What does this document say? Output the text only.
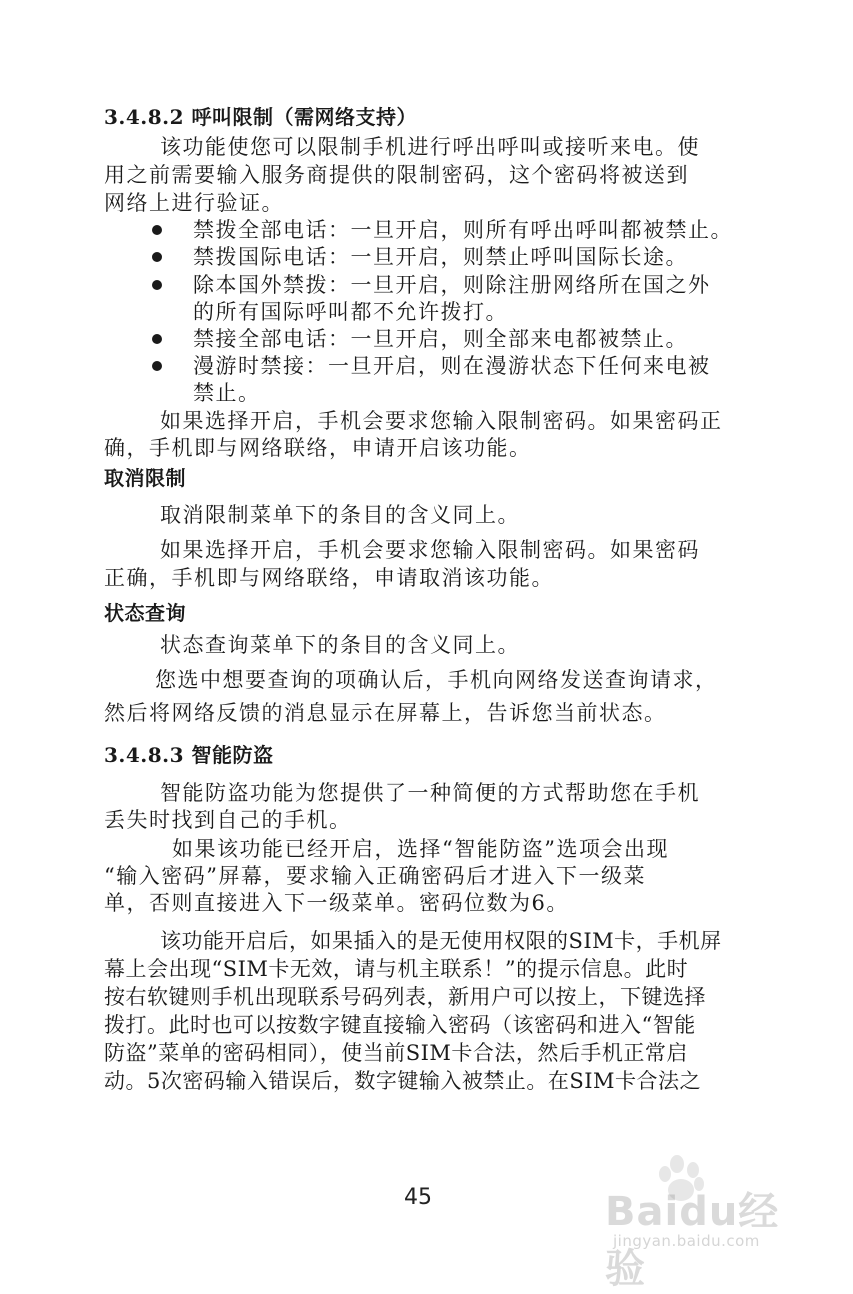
3.4.8.2 呼叫限制（需网络支持）
该功能使您可以限制手机进行呼出呼叫或接听来电。使
用之前需要输入服务商提供的限制密码，这个密码将被送到
网络上进行验证。
禁拨全部电话：一旦开启，则所有呼出呼叫都被禁止。
禁拨国际电话：一旦开启，则禁止呼叫国际长途。
除本国外禁拨：一旦开启，则除注册网络所在国之外
的所有国际呼叫都不允许拨打。
禁接全部电话：一旦开启，则全部来电都被禁止。
漫游时禁接：一旦开启，则在漫游状态下任何来电被
禁止。
如果选择开启，手机会要求您输入限制密码。如果密码正
确，手机即与网络联络，申请开启该功能。
取消限制
取消限制菜单下的条目的含义同上。
如果选择开启，手机会要求您输入限制密码。如果密码
正确，手机即与网络联络，申请取消该功能。
状态查询
状态查询菜单下的条目的含义同上。
您选中想要查询的项确认后，手机向网络发送查询请求，
然后将网络反馈的消息显示在屏幕上，告诉您当前状态。
3.4.8.3 智能防盗
智能防盗功能为您提供了一种简便的方式帮助您在手机
丢失时找到自己的手机。
如果该功能已经开启，选择“智能防盗”选项会出现
“输入密码”屏幕，要求输入正确密码后才进入下一级菜
单，否则直接进入下一级菜单。密码位数为6。
该功能开启后，如果插入的是无使用权限的SIM卡，手机屏
幕上会出现“SIM卡无效，请与机主联系！”的提示信息。此时
按右软键则手机出现联系号码列表，新用户可以按上，下键选择
拨打。此时也可以按数字键直接输入密码（该密码和进入“智能
防盗”菜单的密码相同），使当前SIM卡合法，然后手机正常启
动。5次密码输入错误后，数字键输入被禁止。在SIM卡合法之
45	Baidu经验
jingyan.baidu.com
